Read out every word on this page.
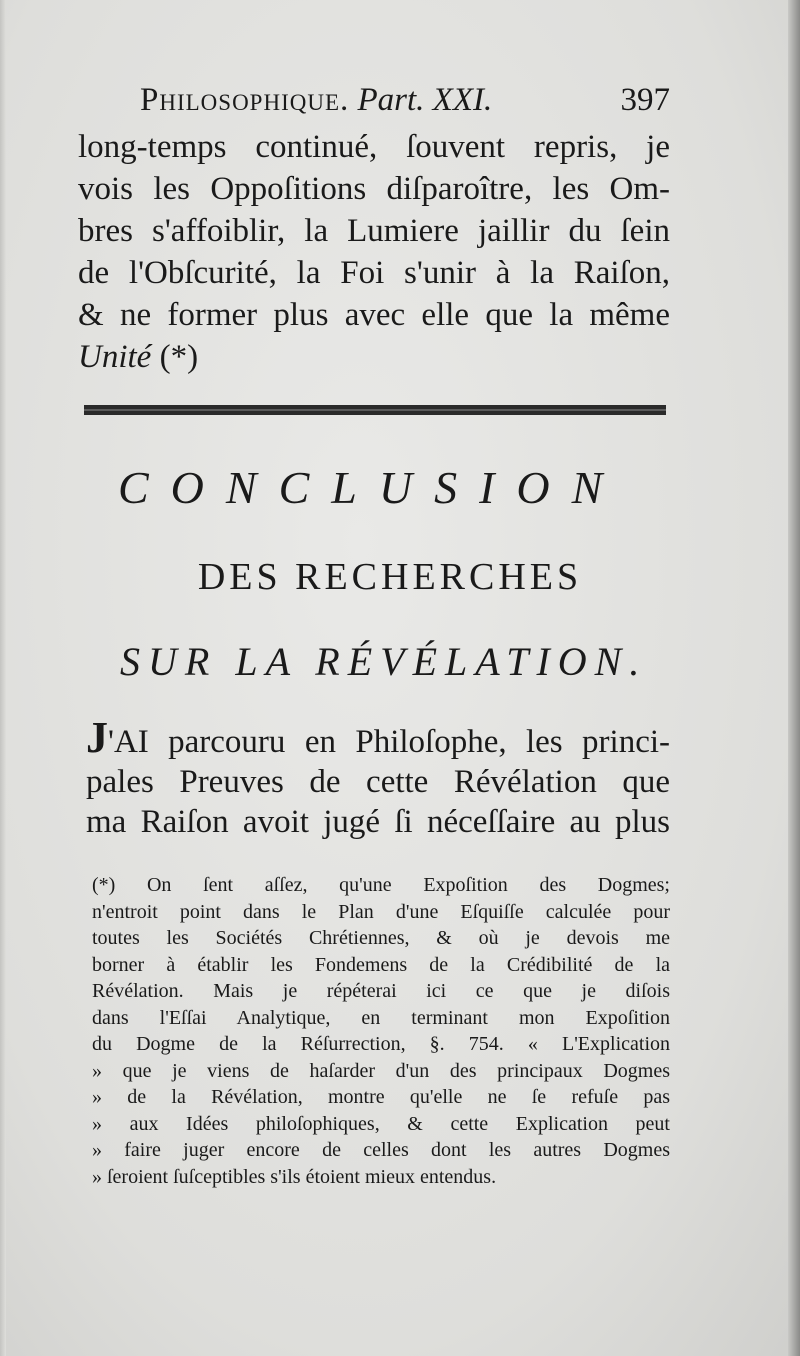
Philosophique. Part. XXI.	397
long-temps continué, ſouvent repris, je
vois les Oppoſitions diſparoître, les Om-
bres s'affoiblir, la Lumiere jaillir du ſein
de l'Obſcurité, la Foi s'unir à la Raiſon,
& ne former plus avec elle que la même
Unité (*)
CONCLUSION
DES RECHERCHES
SUR LA RÉVÉLATION.
J'AI parcouru en Philoſophe, les princi-
pales Preuves de cette Révélation que
ma Raiſon avoit jugé ſi néceſſaire au plus
(*) On ſent aſſez, qu'une Expoſition des Dogmes;
n'entroit point dans le Plan d'une Eſquiſſe calculée pour
toutes les Sociétés Chrétiennes, & où je devois me
borner à établir les Fondemens de la Crédibilité de la
Révélation. Mais je répéterai ici ce que je diſois
dans l'Eſſai Analytique, en terminant mon Expoſition
du Dogme de la Réſurrection, §. 754. « L'Explication
» que je viens de haſarder d'un des principaux Dogmes
» de la Révélation, montre qu'elle ne ſe refuſe pas
» aux Idées philoſophiques, & cette Explication peut
» faire juger encore de celles dont les autres Dogmes
» ſeroient ſuſceptibles s'ils étoient mieux entendus.
